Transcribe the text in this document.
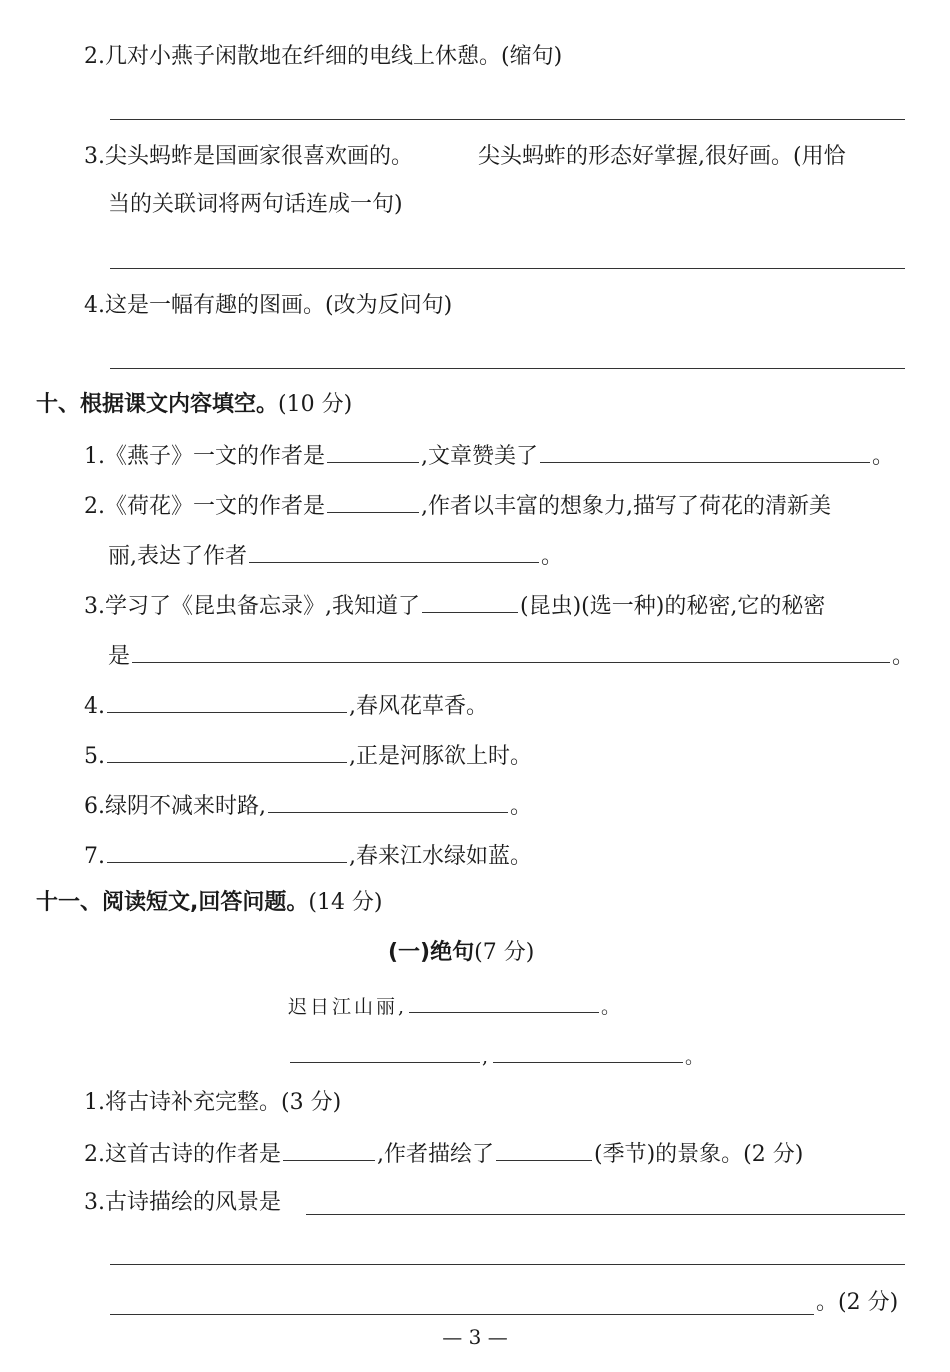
2.几对小燕子闲散地在纤细的电线上休憩。(缩句)
3.尖头蚂蚱是国画家很喜欢画的。	尖头蚂蚱的形态好掌握,很好画。(用恰
当的关联词将两句话连成一句)
4.这是一幅有趣的图画。(改为反问句)
十、根据课文内容填空。(10 分)
1.《燕子》一文的作者是	,文章赞美了	。
2.《荷花》一文的作者是	,作者以丰富的想象力,描写了荷花的清新美
丽,表达了作者	。
3.学习了《昆虫备忘录》,我知道了	(昆虫)(选一种)的秘密,它的秘密
是	。
4.	,春风花草香。
5.	,正是河豚欲上时。
6.绿阴不减来时路,	。
7.	,春来江水绿如蓝。
十一、阅读短文,回答问题。(14 分)
(一)绝句(7 分)
迟日江山丽,	。
,	。
1.将古诗补充完整。(3 分)
2.这首古诗的作者是	,作者描绘了	(季节)的景象。(2 分)
3.古诗描绘的风景是
。(2 分)
— 3 —
